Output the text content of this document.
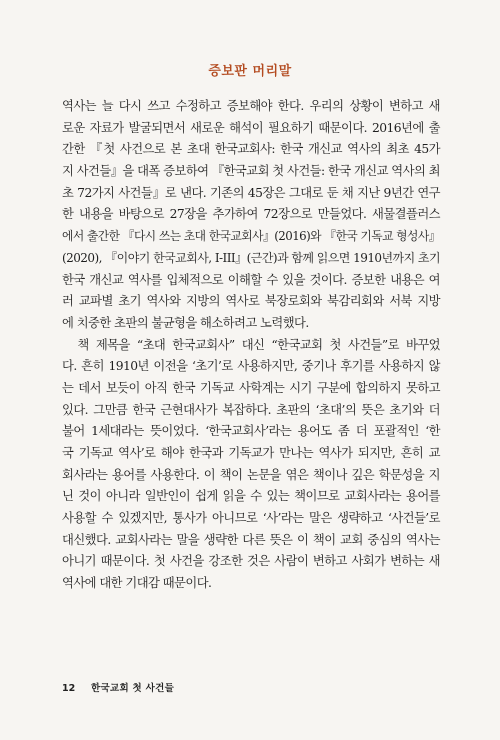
증보판 머리말
역사는 늘 다시 쓰고 수정하고 증보해야 한다. 우리의 상황이 변하고 새
로운 자료가 발굴되면서 새로운 해석이 필요하기 때문이다. 2016년에 출
간한 『첫 사건으로 본 초대 한국교회사: 한국 개신교 역사의 최초 45가
지 사건들』을 대폭 증보하여 『한국교회 첫 사건들: 한국 개신교 역사의 최
초 72가지 사건들』로 낸다. 기존의 45장은 그대로 둔 채 지난 9년간 연구
한 내용을 바탕으로 27장을 추가하여 72장으로 만들었다. 새물결플러스
에서 출간한 『다시 쓰는 초대 한국교회사』(2016)와 『한국 기독교 형성사』
(2020), 『이야기 한국교회사, I-III』(근간)과 함께 읽으면 1910년까지 초기
한국 개신교 역사를 입체적으로 이해할 수 있을 것이다. 증보한 내용은 여
러 교파별 초기 역사와 지방의 역사로 북장로회와 북감리회와 서북 지방
에 치중한 초판의 불균형을 해소하려고 노력했다.
　책 제목을 “초대 한국교회사” 대신 “한국교회 첫 사건들”로 바꾸었
다. 흔히 1910년 이전을 ‘초기’로 사용하지만, 중기나 후기를 사용하지 않
는 데서 보듯이 아직 한국 기독교 사학계는 시기 구분에 합의하지 못하고
있다. 그만큼 한국 근현대사가 복잡하다. 초판의 ‘초대’의 뜻은 초기와 더
불어 1세대라는 뜻이었다. ‘한국교회사’라는 용어도 좀 더 포괄적인 ‘한
국 기독교 역사’로 해야 한국과 기독교가 만나는 역사가 되지만, 흔히 교
회사라는 용어를 사용한다. 이 책이 논문을 엮은 책이나 깊은 학문성을 지
닌 것이 아니라 일반인이 쉽게 읽을 수 있는 책이므로 교회사라는 용어를
사용할 수 있겠지만, 통사가 아니므로 ‘사’라는 말은 생략하고 ‘사건들’로
대신했다. 교회사라는 말을 생략한 다른 뜻은 이 책이 교회 중심의 역사는
아니기 때문이다. 첫 사건을 강조한 것은 사람이 변하고 사회가 변하는 새
역사에 대한 기대감 때문이다.
12 한국교회 첫 사건들
